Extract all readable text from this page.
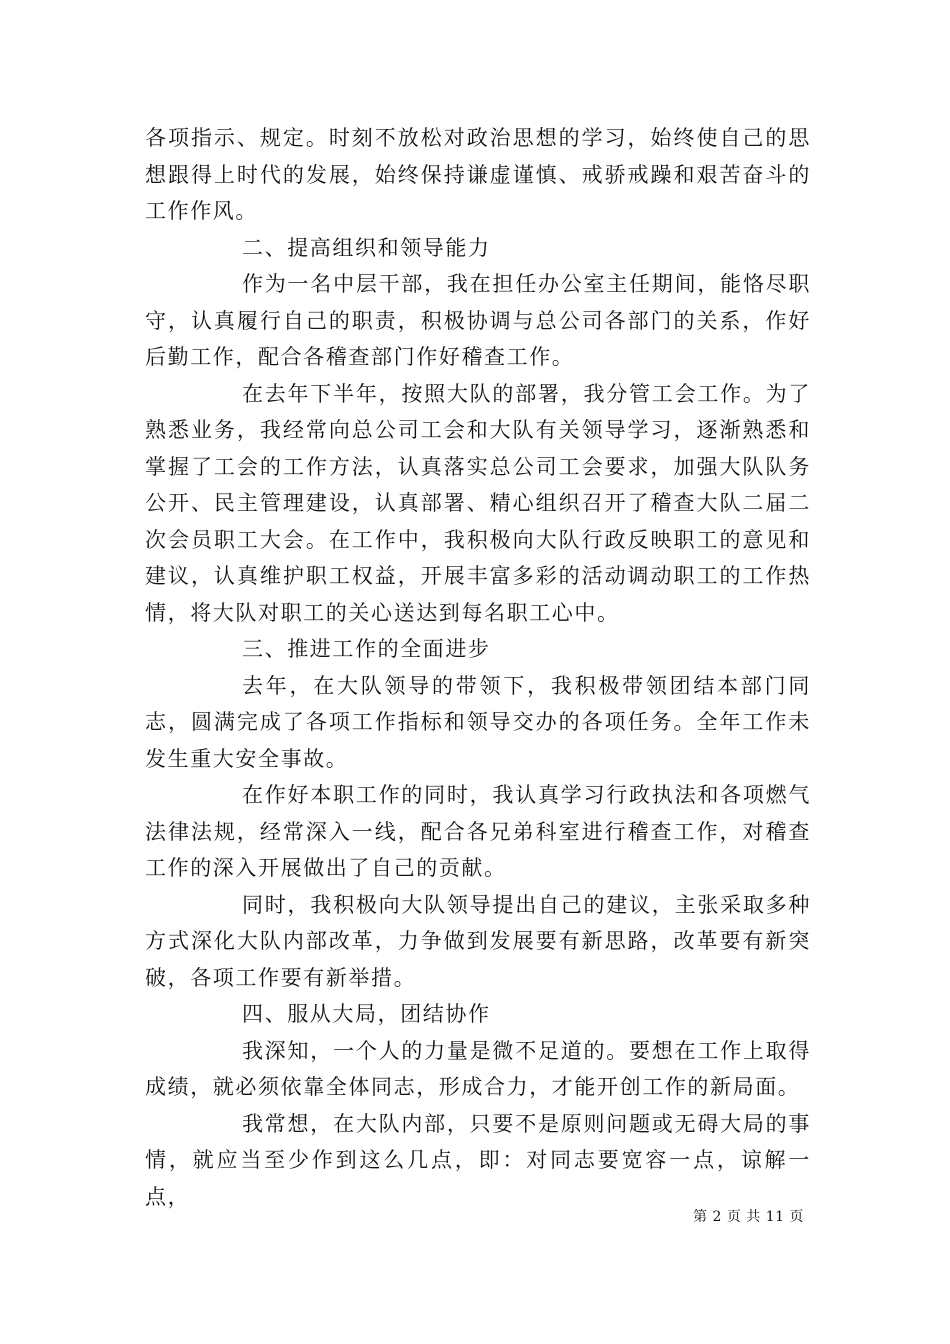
各项指示、规定。时刻不放松对政治思想的学习，始终使自己的思想跟得上时代的发展，始终保持谦虚谨慎、戒骄戒躁和艰苦奋斗的工作作风。

二、提高组织和领导能力

作为一名中层干部，我在担任办公室主任期间，能恪尽职守，认真履行自己的职责，积极协调与总公司各部门的关系，作好后勤工作，配合各稽查部门作好稽查工作。

在去年下半年，按照大队的部署，我分管工会工作。为了熟悉业务，我经常向总公司工会和大队有关领导学习，逐渐熟悉和掌握了工会的工作方法，认真落实总公司工会要求，加强大队队务公开、民主管理建设，认真部署、精心组织召开了稽查大队二届二次会员职工大会。在工作中，我积极向大队行政反映职工的意见和建议，认真维护职工权益，开展丰富多彩的活动调动职工的工作热情，将大队对职工的关心送达到每名职工心中。

三、推进工作的全面进步

去年，在大队领导的带领下，我积极带领团结本部门同志，圆满完成了各项工作指标和领导交办的各项任务。全年工作未发生重大安全事故。

在作好本职工作的同时，我认真学习行政执法和各项燃气法律法规，经常深入一线，配合各兄弟科室进行稽查工作，对稽查工作的深入开展做出了自己的贡献。

同时，我积极向大队领导提出自己的建议，主张采取多种方式深化大队内部改革，力争做到发展要有新思路，改革要有新突破，各项工作要有新举措。

四、服从大局，团结协作

我深知，一个人的力量是微不足道的。要想在工作上取得成绩，就必须依靠全体同志，形成合力，才能开创工作的新局面。

我常想，在大队内部，只要不是原则问题或无碍大局的事情，就应当至少作到这么几点，即：对同志要宽容一点，谅解一点，

第 2 页 共 11 页
